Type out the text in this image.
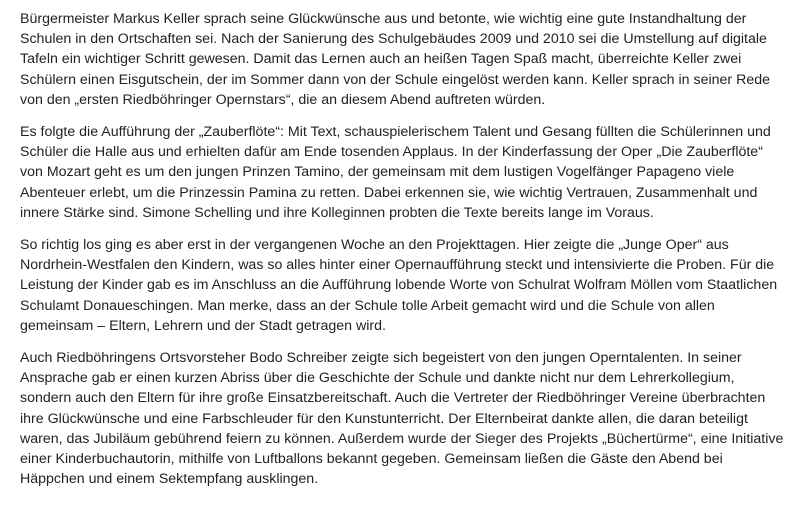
Bürgermeister Markus Keller sprach seine Glückwünsche aus und betonte, wie wichtig eine gute Instandhaltung der Schulen in den Ortschaften sei. Nach der Sanierung des Schulgebäudes 2009 und 2010 sei die Umstellung auf digitale Tafeln ein wichtiger Schritt gewesen. Damit das Lernen auch an heißen Tagen Spaß macht, überreichte Keller zwei Schülern einen Eisgutschein, der im Sommer dann von der Schule eingelöst werden kann. Keller sprach in seiner Rede von den „ersten Riedböhringer Opernstars“, die an diesem Abend auftreten würden.

Es folgte die Aufführung der „Zauberflöte“: Mit Text, schauspielerischem Talent und Gesang füllten die Schülerinnen und Schüler die Halle aus und erhielten dafür am Ende tosenden Applaus. In der Kinderfassung der Oper „Die Zauberflöte“ von Mozart geht es um den jungen Prinzen Tamino, der gemeinsam mit dem lustigen Vogelfänger Papageno viele Abenteuer erlebt, um die Prinzessin Pamina zu retten. Dabei erkennen sie, wie wichtig Vertrauen, Zusammenhalt und innere Stärke sind. Simone Schelling und ihre Kolleginnen probten die Texte bereits lange im Voraus.

So richtig los ging es aber erst in der vergangenen Woche an den Projekttagen. Hier zeigte die „Junge Oper“ aus Nordrhein-Westfalen den Kindern, was so alles hinter einer Opernaufführung steckt und intensivierte die Proben. Für die Leistung der Kinder gab es im Anschluss an die Aufführung lobende Worte von Schulrat Wolfram Möllen vom Staatlichen Schulamt Donaueschingen. Man merke, dass an der Schule tolle Arbeit gemacht wird und die Schule von allen gemeinsam – Eltern, Lehrern und der Stadt getragen wird.

Auch Riedböhringens Ortsvorsteher Bodo Schreiber zeigte sich begeistert von den jungen Operntalenten. In seiner Ansprache gab er einen kurzen Abriss über die Geschichte der Schule und dankte nicht nur dem Lehrerkollegium, sondern auch den Eltern für ihre große Einsatzbereitschaft. Auch die Vertreter der Riedböhringer Vereine überbrachten ihre Glückwünsche und eine Farbschleuder für den Kunstunterricht. Der Elternbeirat dankte allen, die daran beteiligt waren, das Jubiläum gebührend feiern zu können. Außerdem wurde der Sieger des Projekts „Büchertürme“, eine Initiative einer Kinderbuchautorin, mithilfe von Luftballons bekannt gegeben. Gemeinsam ließen die Gäste den Abend bei Häppchen und einem Sektempfang ausklingen.
